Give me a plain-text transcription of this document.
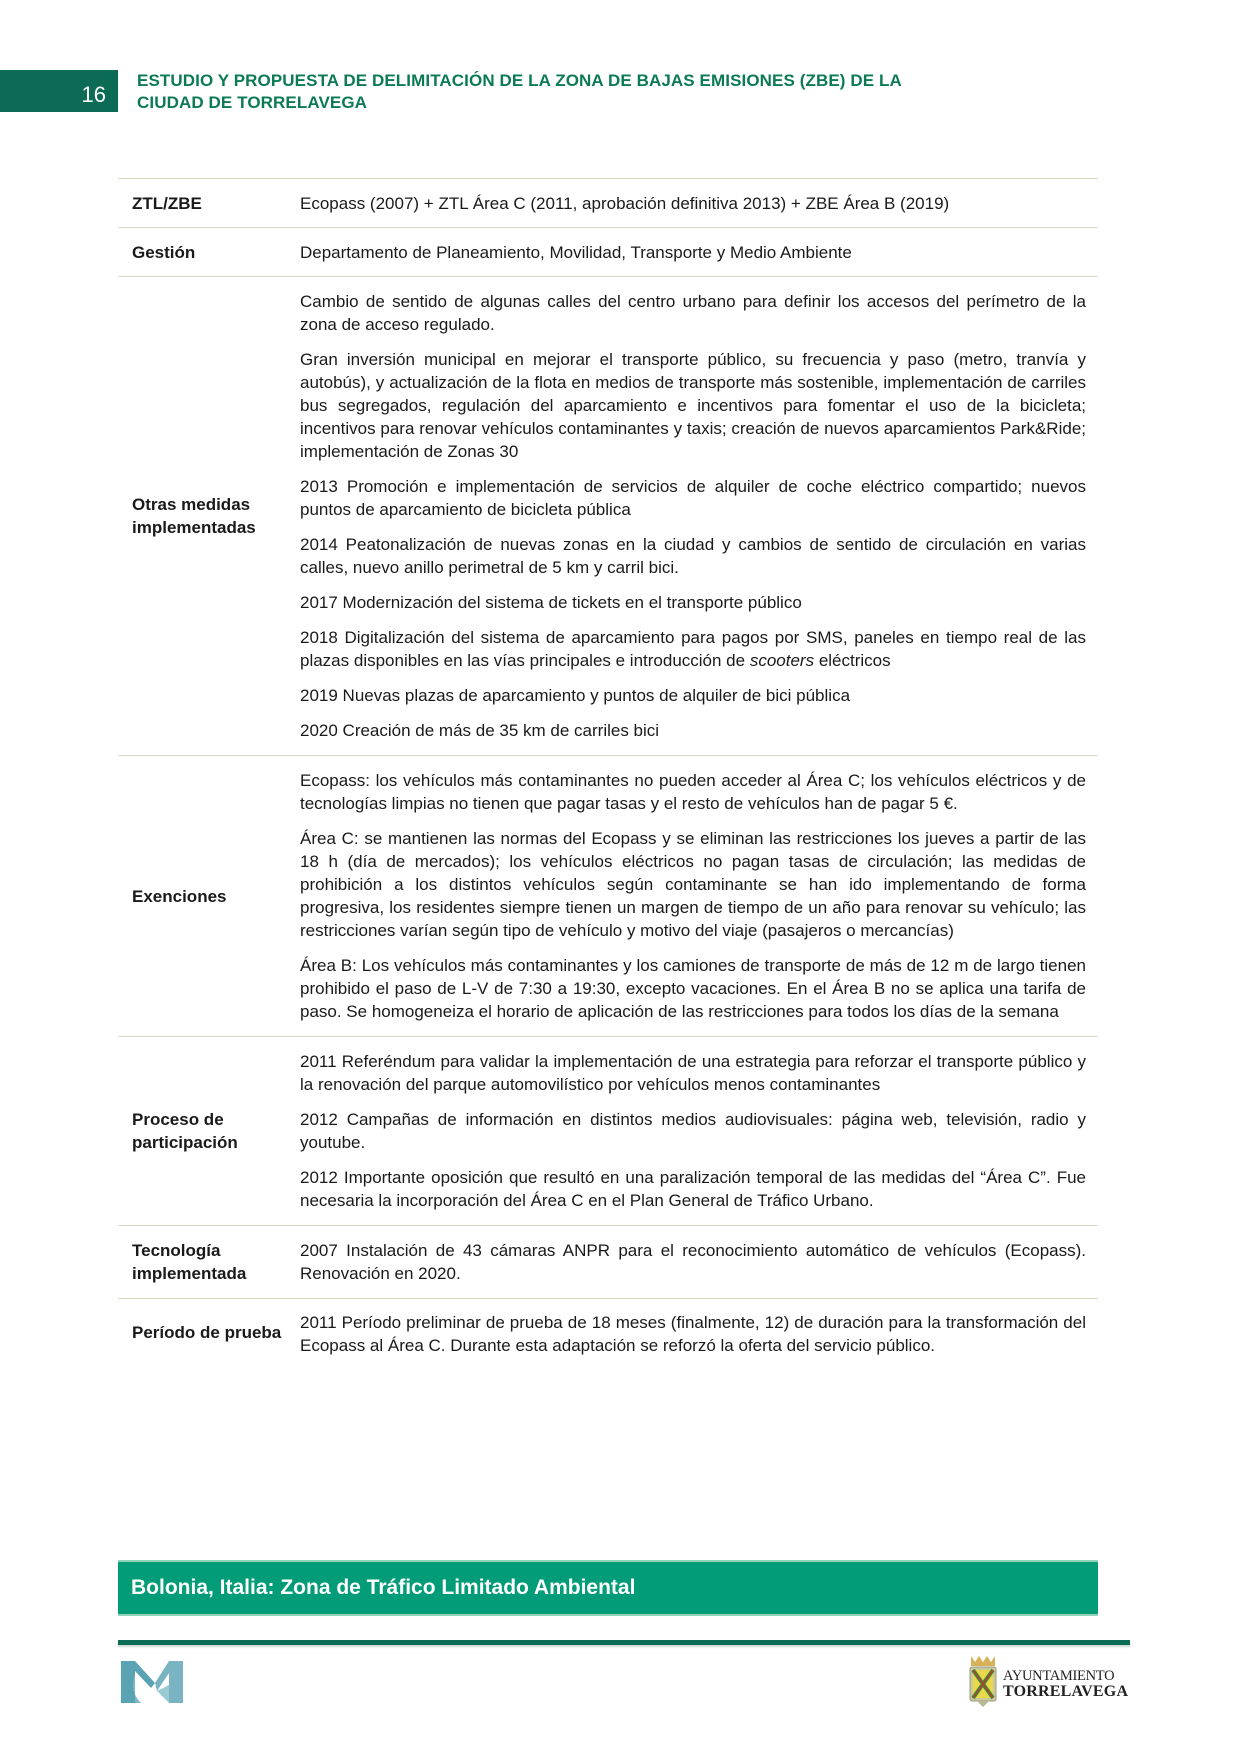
16
ESTUDIO Y PROPUESTA DE DELIMITACIÓN DE LA ZONA DE BAJAS EMISIONES (ZBE) DE LA CIUDAD DE TORRELAVEGA
ZTL/ZBE	Ecopass (2007) + ZTL Área C (2011, aprobación definitiva 2013) + ZBE Área B (2019)

Gestión	Departamento de Planeamiento, Movilidad, Transporte y Medio Ambiente

Otras medidas implementadas

Cambio de sentido de algunas calles del centro urbano para definir los accesos del perímetro de la zona de acceso regulado.

Gran inversión municipal en mejorar el transporte público, su frecuencia y paso (metro, tranvía y autobús), y actualización de la flota en medios de transporte más sostenible, implementación de carriles bus segregados, regulación del aparcamiento e incentivos para fomentar el uso de la bicicleta; incentivos para renovar vehículos contaminantes y taxis; creación de nuevos aparcamientos Park&Ride; implementación de Zonas 30

2013 Promoción e implementación de servicios de alquiler de coche eléctrico compartido; nuevos puntos de aparcamiento de bicicleta pública

2014 Peatonalización de nuevas zonas en la ciudad y cambios de sentido de circulación en varias calles, nuevo anillo perimetral de 5 km y carril bici.

2017 Modernización del sistema de tickets en el transporte público

2018 Digitalización del sistema de aparcamiento para pagos por SMS, paneles en tiempo real de las plazas disponibles en las vías principales e introducción de scooters eléctricos

2019 Nuevas plazas de aparcamiento y puntos de alquiler de bici pública

2020 Creación de más de 35 km de carriles bici

Exenciones

Ecopass: los vehículos más contaminantes no pueden acceder al Área C; los vehículos eléctricos y de tecnologías limpias no tienen que pagar tasas y el resto de vehículos han de pagar 5 €.

Área C: se mantienen las normas del Ecopass y se eliminan las restricciones los jueves a partir de las 18 h (día de mercados); los vehículos eléctricos no pagan tasas de circulación; las medidas de prohibición a los distintos vehículos según contaminante se han ido implementando de forma progresiva, los residentes siempre tienen un margen de tiempo de un año para renovar su vehículo; las restricciones varían según tipo de vehículo y motivo del viaje (pasajeros o mercancías)

Área B: Los vehículos más contaminantes y los camiones de transporte de más de 12 m de largo tienen prohibido el paso de L-V de 7:30 a 19:30, excepto vacaciones. En el Área B no se aplica una tarifa de paso. Se homogeneiza el horario de aplicación de las restricciones para todos los días de la semana

Proceso de participación

2011 Referéndum para validar la implementación de una estrategia para reforzar el transporte público y la renovación del parque automovilístico por vehículos menos contaminantes

2012 Campañas de información en distintos medios audiovisuales: página web, televisión, radio y youtube.

2012 Importante oposición que resultó en una paralización temporal de las medidas del “Área C”. Fue necesaria la incorporación del Área C en el Plan General de Tráfico Urbano.

Tecnología implementada

2007 Instalación de 43 cámaras ANPR para el reconocimiento automático de vehículos (Ecopass). Renovación en 2020.

Período de prueba

2011 Período preliminar de prueba de 18 meses (finalmente, 12) de duración para la transformación del Ecopass al Área C. Durante esta adaptación se reforzó la oferta del servicio público.

Bolonia, Italia: Zona de Tráfico Limitado Ambiental
AYUNTAMIENTO
TORRELAVEGA
